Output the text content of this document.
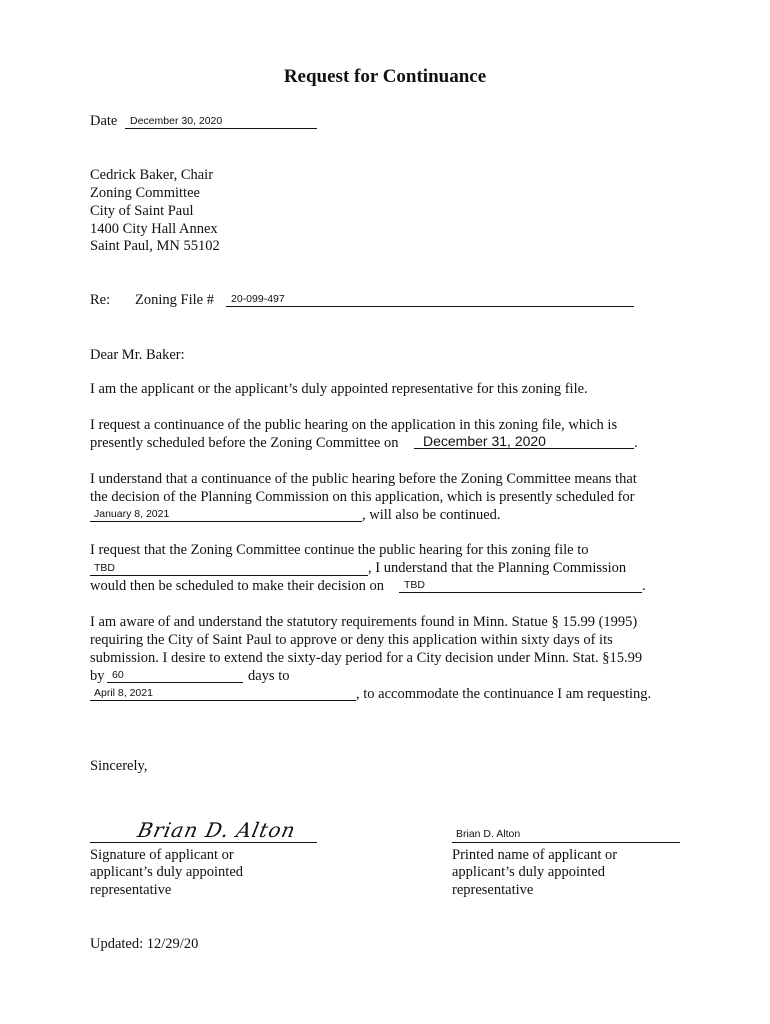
Request for Continuance
Date December 30, 2020
Cedrick Baker, Chair
Zoning Committee
City of Saint Paul
1400 City Hall Annex
Saint Paul, MN 55102
Re: Zoning File # 20-099-497
Dear Mr. Baker:
I am the applicant or the applicant’s duly appointed representative for this zoning file.
I request a continuance of the public hearing on the application in this zoning file, which is
presently scheduled before the Zoning Committee on December 31, 2020	.
I understand that a continuance of the public hearing before the Zoning Committee means that
the decision of the Planning Commission on this application, which is presently scheduled for
January 8, 2021	, will also be continued.
I request that the Zoning Committee continue the public hearing for this zoning file to
TBD	, I understand that the Planning Commission
would then be scheduled to make their decision on TBD	.
I am aware of and understand the statutory requirements found in Minn. Statue § 15.99 (1995)
requiring the City of Saint Paul to approve or deny this application within sixty days of its
submission. I desire to extend the sixty-day period for a City decision under Minn. Stat. §15.99
by 60	days to
April 8, 2021	, to accommodate the continuance I am requesting.
Sincerely,
Brian D. Alton
Signature of applicant or
applicant’s duly appointed
representative
Brian D. Alton
Printed name of applicant or
applicant’s duly appointed
representative
Updated: 12/29/20
